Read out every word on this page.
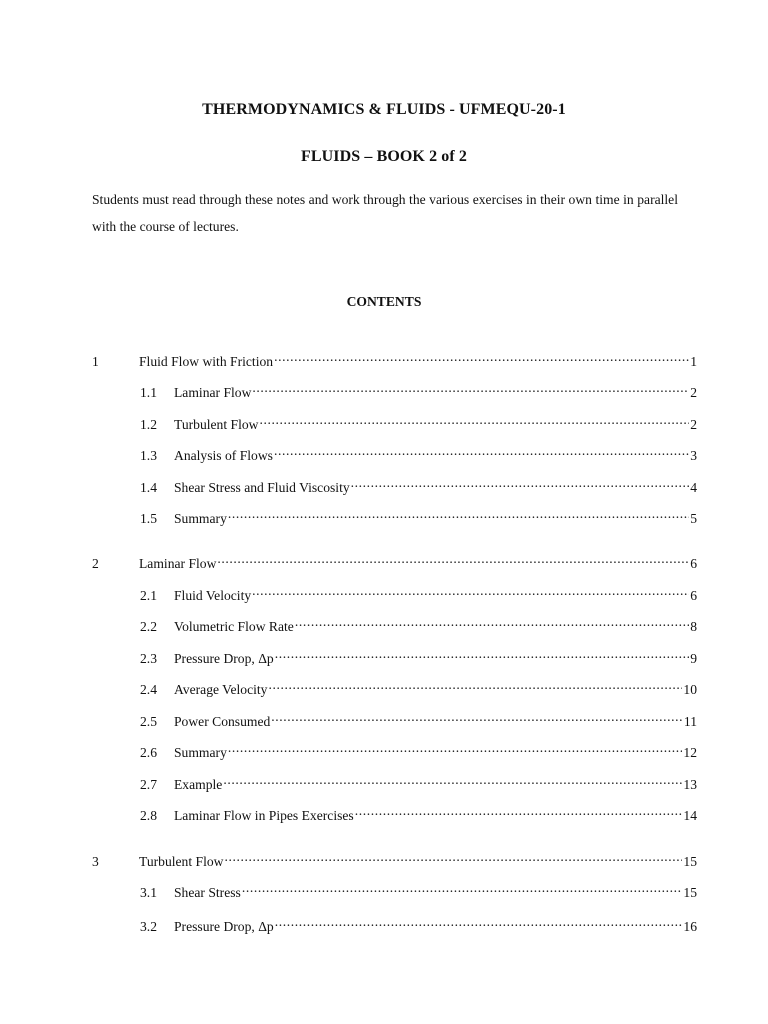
THERMODYNAMICS & FLUIDS - UFMEQU-20-1
FLUIDS – BOOK 2 of 2
Students must read through these notes and work through the various exercises in their own time in parallel with the course of lectures.
CONTENTS
1	Fluid Flow with Friction .....	1
1.1	Laminar Flow .....	2
1.2	Turbulent Flow .....	2
1.3	Analysis of Flows .....	3
1.4	Shear Stress and Fluid Viscosity .....	4
1.5	Summary .....	5
2	Laminar Flow .....	6
2.1	Fluid Velocity .....	6
2.2	Volumetric Flow Rate .....	8
2.3	Pressure Drop, Δp .....	9
2.4	Average Velocity .....	10
2.5	Power Consumed .....	11
2.6	Summary .....	12
2.7	Example .....	13
2.8	Laminar Flow in Pipes Exercises .....	14
3	Turbulent Flow .....	15
3.1	Shear Stress .....	15
3.2	Pressure Drop, Δp .....	16
